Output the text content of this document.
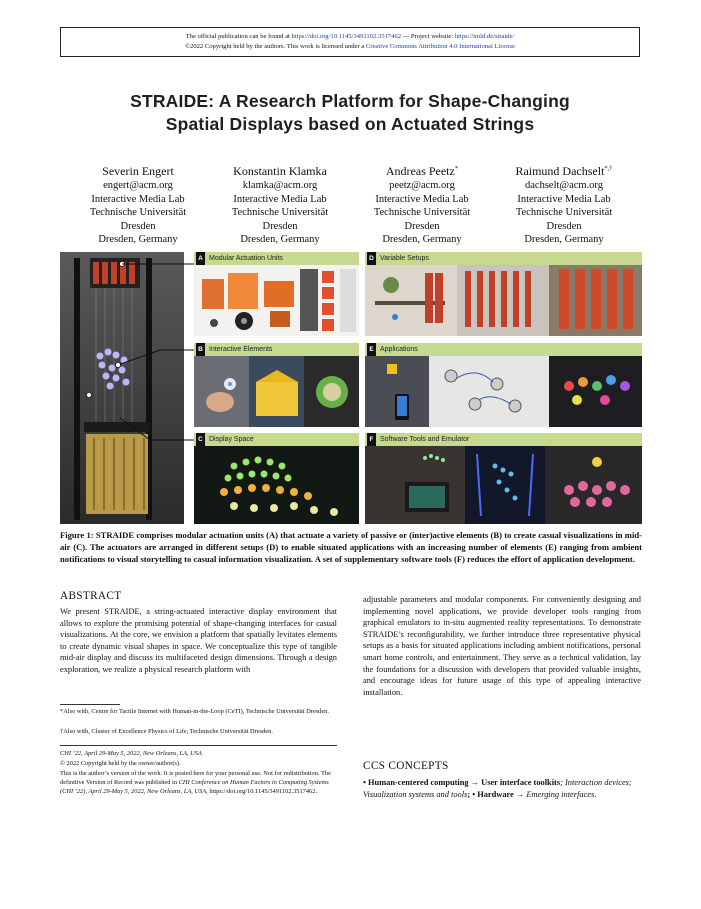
The official publication can be found at https://doi.org/10.1145/3491102.3517462 — Project website: https://imld.de/straide/
©2022 Copyright held by the authors. This work is licensed under a Creative Commons Attribution 4.0 International License
STRAIDE: A Research Platform for Shape-Changing
Spatial Displays based on Actuated Strings
Severin Engert
engert@acm.org
Interactive Media Lab
Technische Universität
Dresden
Dresden, Germany
Konstantin Klamka
klamka@acm.org
Interactive Media Lab
Technische Universität
Dresden
Dresden, Germany
Andreas Peetz*
peetz@acm.org
Interactive Media Lab
Technische Universität
Dresden
Dresden, Germany
Raimund Dachselt*,†
dachselt@acm.org
Interactive Media Lab
Technische Universität
Dresden
Dresden, Germany
A Modular Actuation Units	D Variable Setups
B Interactive Elements	E Applications
C Display Space	F Software Tools and Emulator
Figure 1: STRAIDE comprises modular actuation units (A) that actuate a variety of passive or (inter)active elements (B) to create casual visualizations in mid-air (C). The actuators are arranged in different setups (D) to enable situated applications with an increasing number of elements (E) ranging from ambient notifications to visual storytelling to casual information visualization. A set of supplementary software tools (F) reduces the effort of application development.
ABSTRACT
We present STRAIDE, a string-actuated interactive display environment that allows to explore the promising potential of shape-changing interfaces for casual visualizations. At the core, we envision a platform that spatially levitates elements to create dynamic visual shapes in space. We conceptualize this type of tangible mid-air display and discuss its multifaceted design dimensions. Through a design exploration, we realize a physical research platform with
*Also with, Centre for Tactile Internet with Human-in-the-Loop (CeTI), Technische Universität Dresden.
†Also with, Cluster of Excellence Physics of Life, Technische Universität Dresden.
CHI ’22, April 29-May 5, 2022, New Orleans, LA, USA
© 2022 Copyright held by the owner/author(s).
This is the author’s version of the work. It is posted here for your personal use. Not for redistribution. The definitive Version of Record was published in CHI Conference on Human Factors in Computing Systems (CHI ’22), April 29-May 5, 2022, New Orleans, LA, USA, https://doi.org/10.1145/3491102.3517462.
adjustable parameters and modular components. For conveniently designing and implementing novel applications, we provide developer tools ranging from graphical emulators to in-situ augmented reality representations. To demonstrate STRAIDE’s reconfigurability, we further introduce three representative physical setups as a basis for situated applications including ambient notifications, personal smart home controls, and entertainment. They serve as a technical validation, lay the foundations for a discussion with developers that provided valuable insights, and encourage ideas for future usage of this type of appealing interactive installation.
CCS CONCEPTS
• Human-centered computing → User interface toolkits; Interaction devices; Visualization systems and tools; • Hardware → Emerging interfaces.
